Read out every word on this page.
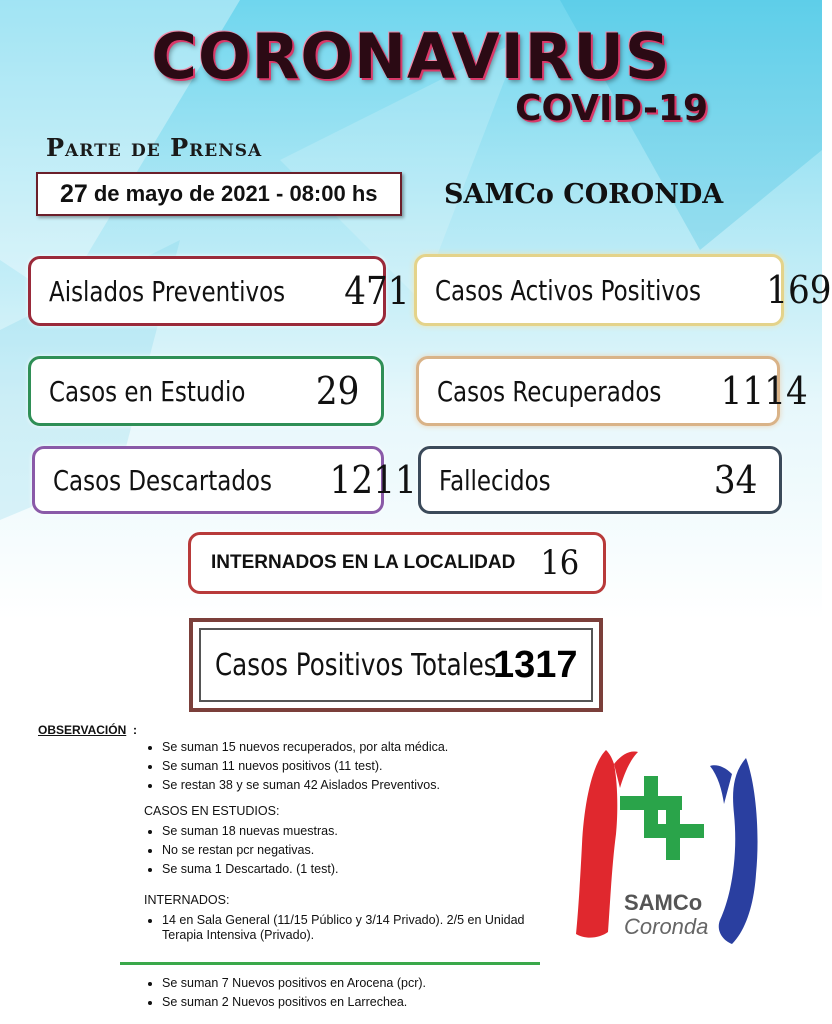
CORONAVIRUS
COVID-19
Parte de Prensa
27 de mayo de 2021 - 08:00 hs SAMCo CORONDA
Aislados Preventivos 471 Casos Activos Positivos 169
Casos en Estudio 29	Casos Recuperados 1114
Casos Descartados 1211 Fallecidos	34
INTERNADOS EN LA LOCALIDAD 16
Casos Positivos Totales
1317
OBSERVACIÓN :
• Se suman 15 nuevos recuperados, por alta médica.
• Se suman 11 nuevos positivos (11 test).
• Se restan 38 y se suman 42 Aislados Preventivos.
CASOS EN ESTUDIOS:
• Se suman 18 nuevas muestras.
• No se restan pcr negativas.
• Se suma 1 Descartado. (1 test).
INTERNADOS:
• 14 en Sala General (11/15 Público y 3/14 Privado). 2/5 en Unidad Terapia Intensiva (Privado).
• Se suman 7 Nuevos positivos en Arocena (pcr).
• Se suman 2 Nuevos positivos en Larrechea.
SAMCo
Coronda
